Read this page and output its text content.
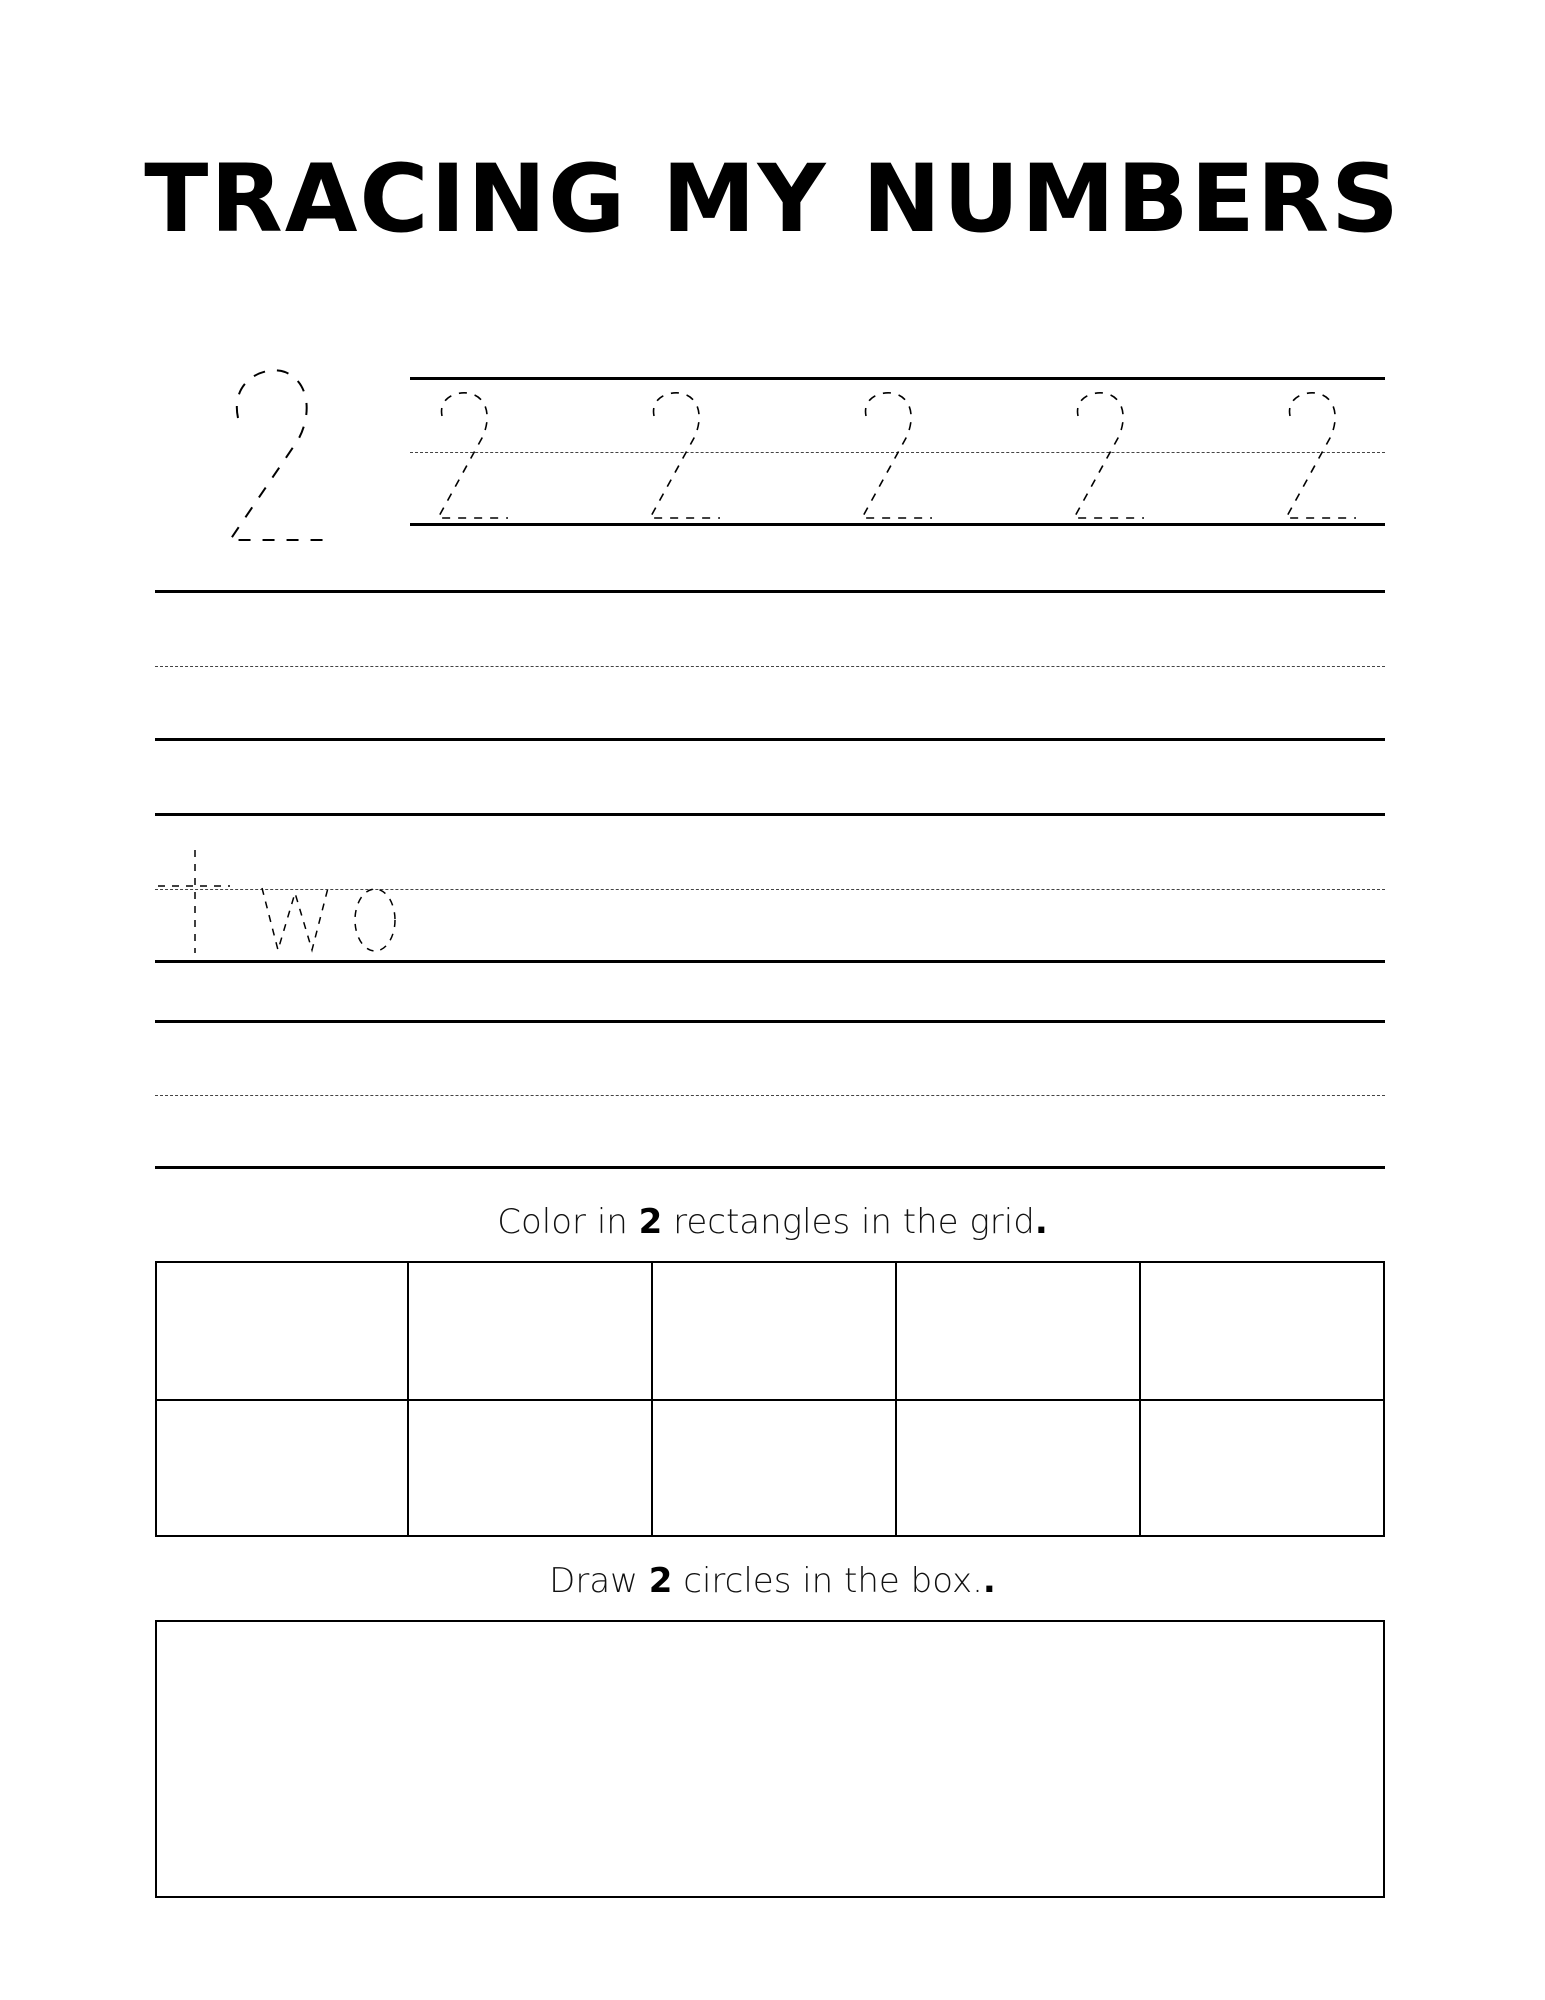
TRACING MY NUMBERS
Color in 2 rectangles in the grid.
Draw 2 circles in the box..
